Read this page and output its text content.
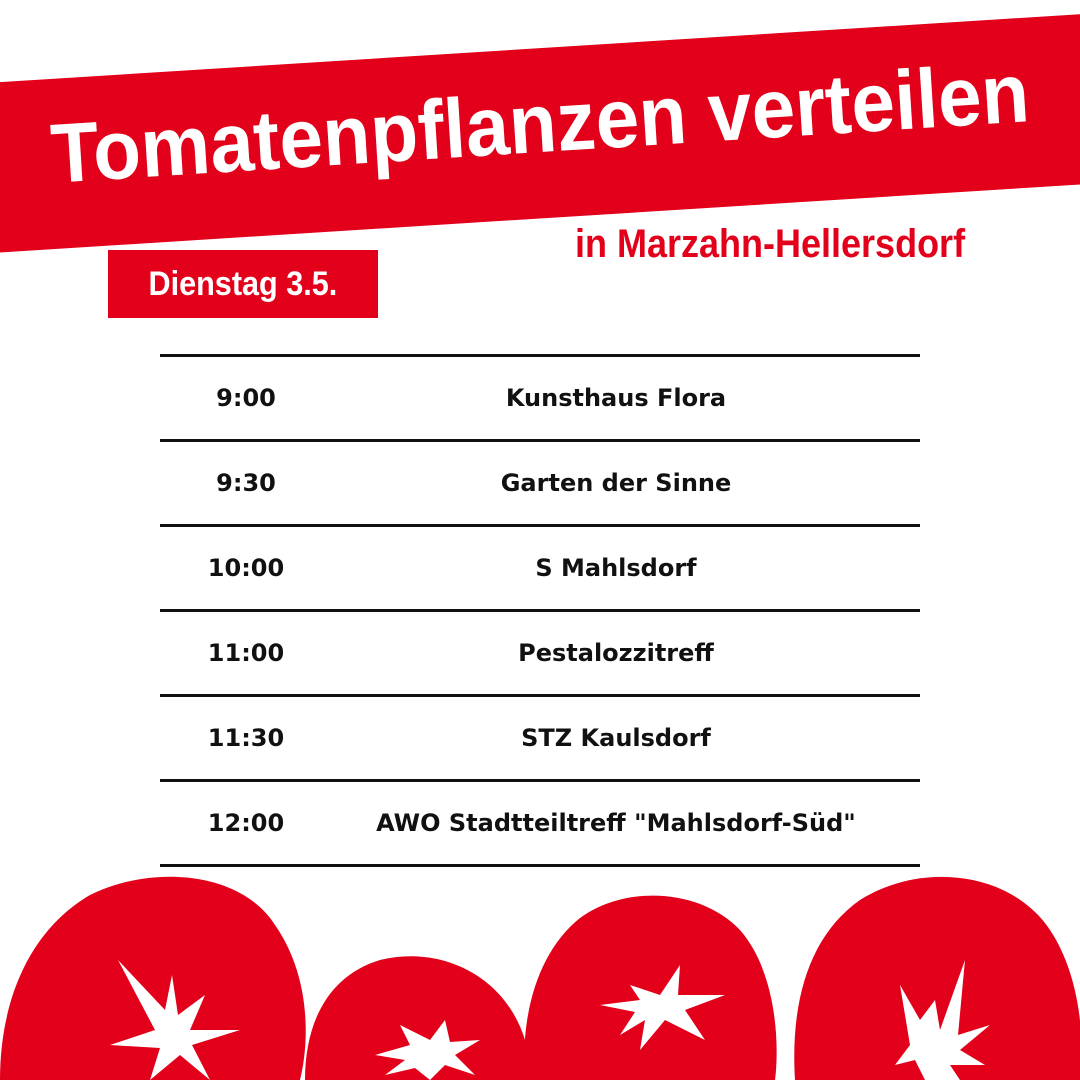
Tomatenpflanzen verteilen
in Marzahn-Hellersdorf
Dienstag 3.5.
9:00	Kunsthaus Flora
9:30	Garten der Sinne
10:00	S Mahlsdorf
11:00	Pestalozzitreff
11:30	STZ Kaulsdorf
12:00	AWO Stadtteiltreff "Mahlsdorf-Süd"
